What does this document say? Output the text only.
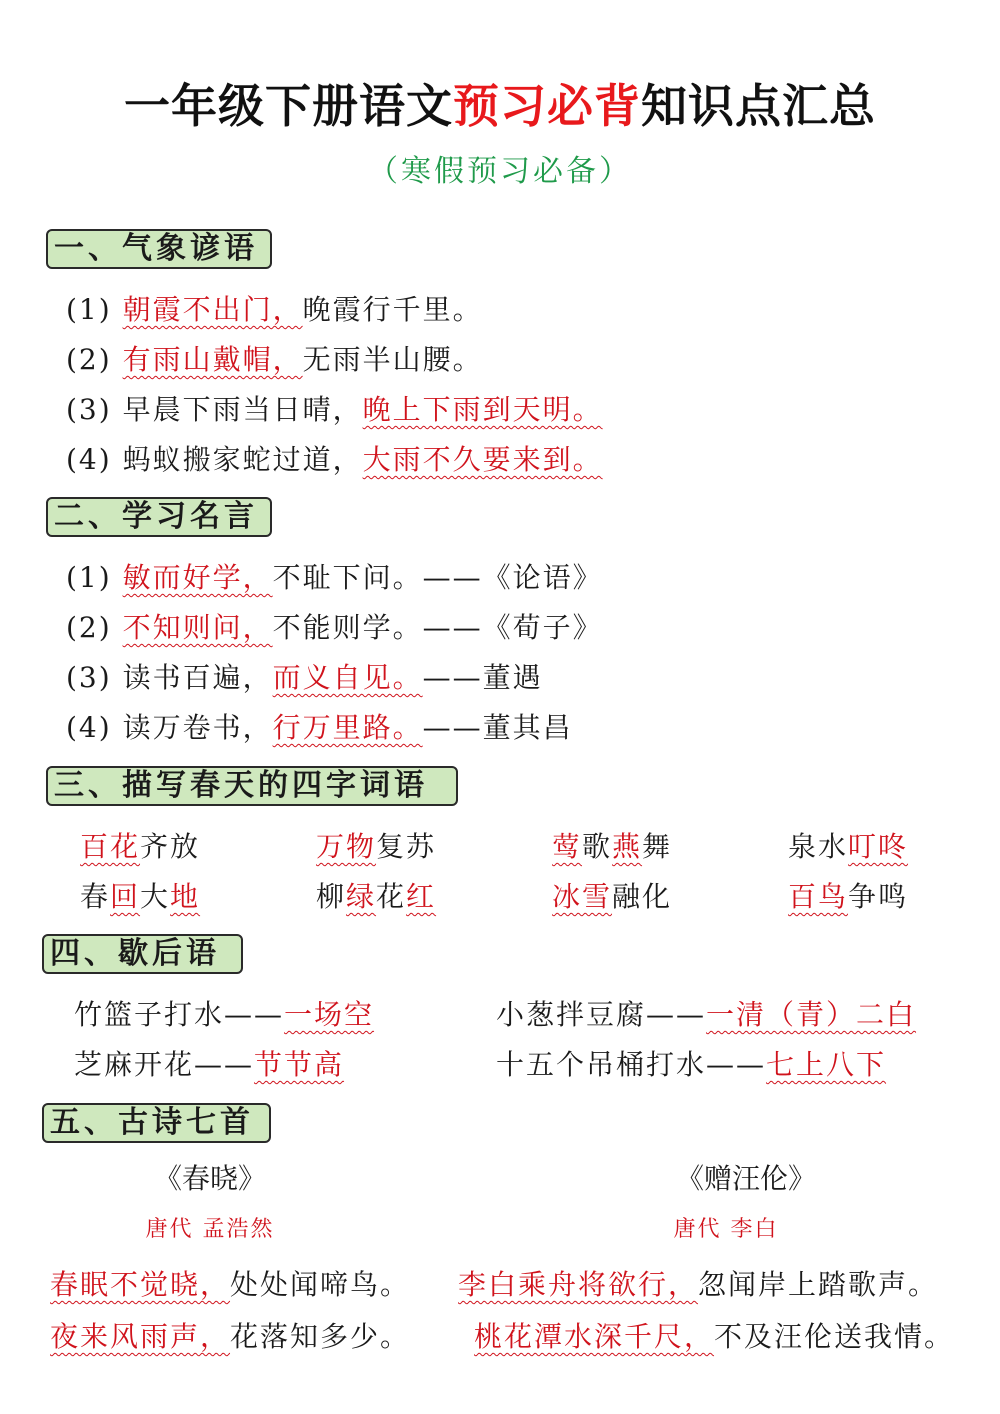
一年级下册语文预习必背知识点汇总
（寒假预习必备）
一、气象谚语
(1) 朝霞不出门，晚霞行千里。
(2) 有雨山戴帽，无雨半山腰。
(3) 早晨下雨当日晴，晚上下雨到天明。
(4) 蚂蚁搬家蛇过道，大雨不久要来到。
二、学习名言
(1) 敏而好学，不耻下问。——《论语》
(2) 不知则问，不能则学。——《荀子》
(3) 读书百遍，而义自见。——董遇
(4) 读万卷书，行万里路。——董其昌
三、描写春天的四字词语
百花齐放	万物复苏	莺歌燕舞	泉水叮咚
春回大地	柳绿花红	冰雪融化	百鸟争鸣
四、歇后语
竹篮子打水——一场空	小葱拌豆腐——一清（青）二白
芝麻开花——节节高	十五个吊桶打水——七上八下
五、古诗七首
《春晓》
唐代 孟浩然
春眠不觉晓，处处闻啼鸟。
夜来风雨声，花落知多少。
《赠汪伦》
唐代 李白
李白乘舟将欲行，忽闻岸上踏歌声。
桃花潭水深千尺，不及汪伦送我情。
